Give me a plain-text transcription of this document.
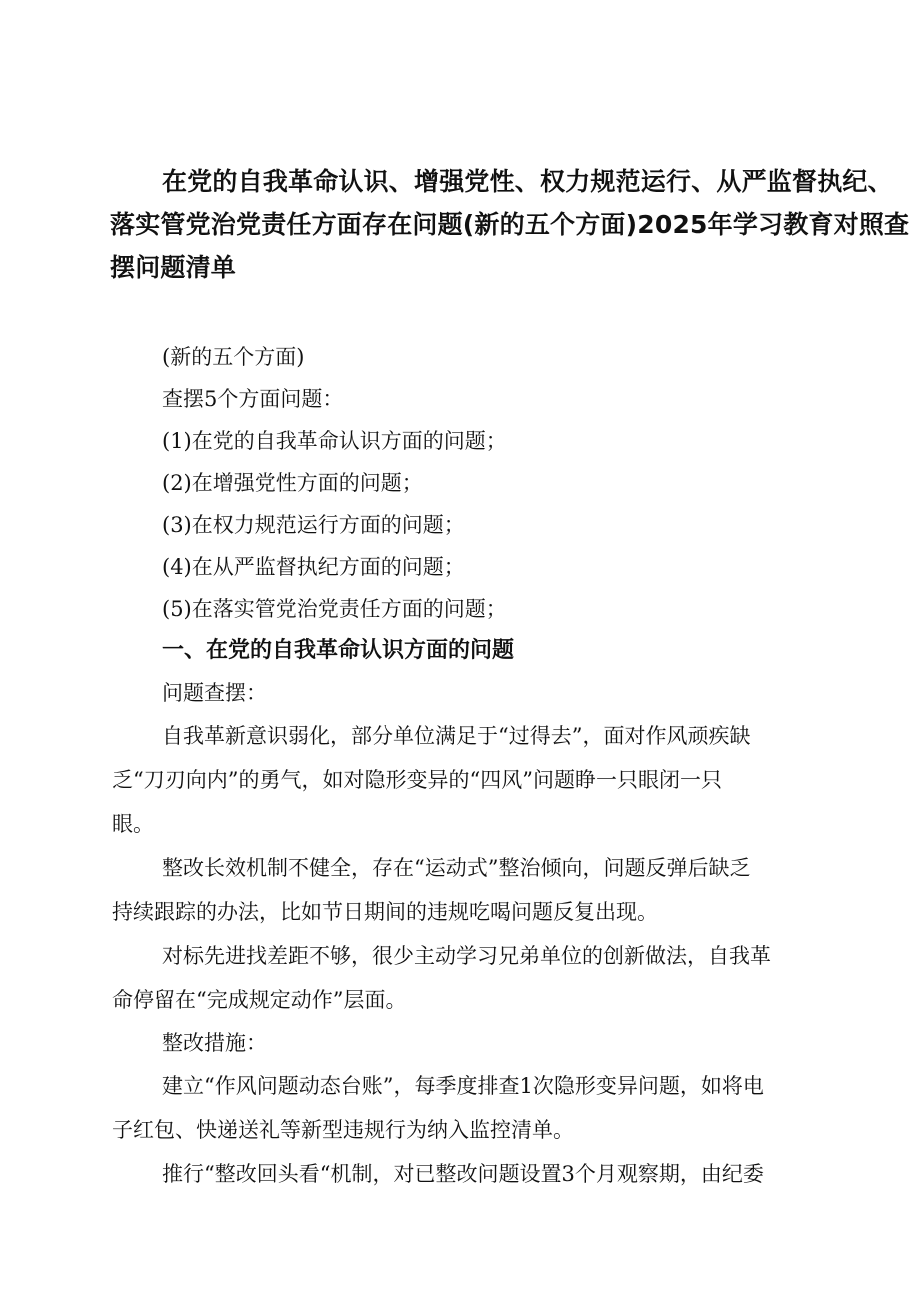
在党的自我革命认识、增强党性、权力规范运行、从严监督执纪、
落实管党治党责任方面存在问题(新的五个方面)2025年学习教育对照查
摆问题清单

(新的五个方面)

查摆5个方面问题：

(1)在党的自我革命认识方面的问题；

(2)在增强党性方面的问题；

(3)在权力规范运行方面的问题；

(4)在从严监督执纪方面的问题；

(5)在落实管党治党责任方面的问题；

一、在党的自我革命认识方面的问题

问题查摆：

自我革新意识弱化，部分单位满足于“过得去”，面对作风顽疾缺
乏“刀刃向内”的勇气，如对隐形变异的“四风”问题睁一只眼闭一只
眼。
整改长效机制不健全，存在“运动式”整治倾向，问题反弹后缺乏
持续跟踪的办法，比如节日期间的违规吃喝问题反复出现。
对标先进找差距不够，很少主动学习兄弟单位的创新做法，自我革
命停留在“完成规定动作”层面。

整改措施：

建立“作风问题动态台账”，每季度排查1次隐形变异问题，如将电
子红包、快递送礼等新型违规行为纳入监控清单。
推行“整改回头看“机制，对已整改问题设置3个月观察期，由纪委
